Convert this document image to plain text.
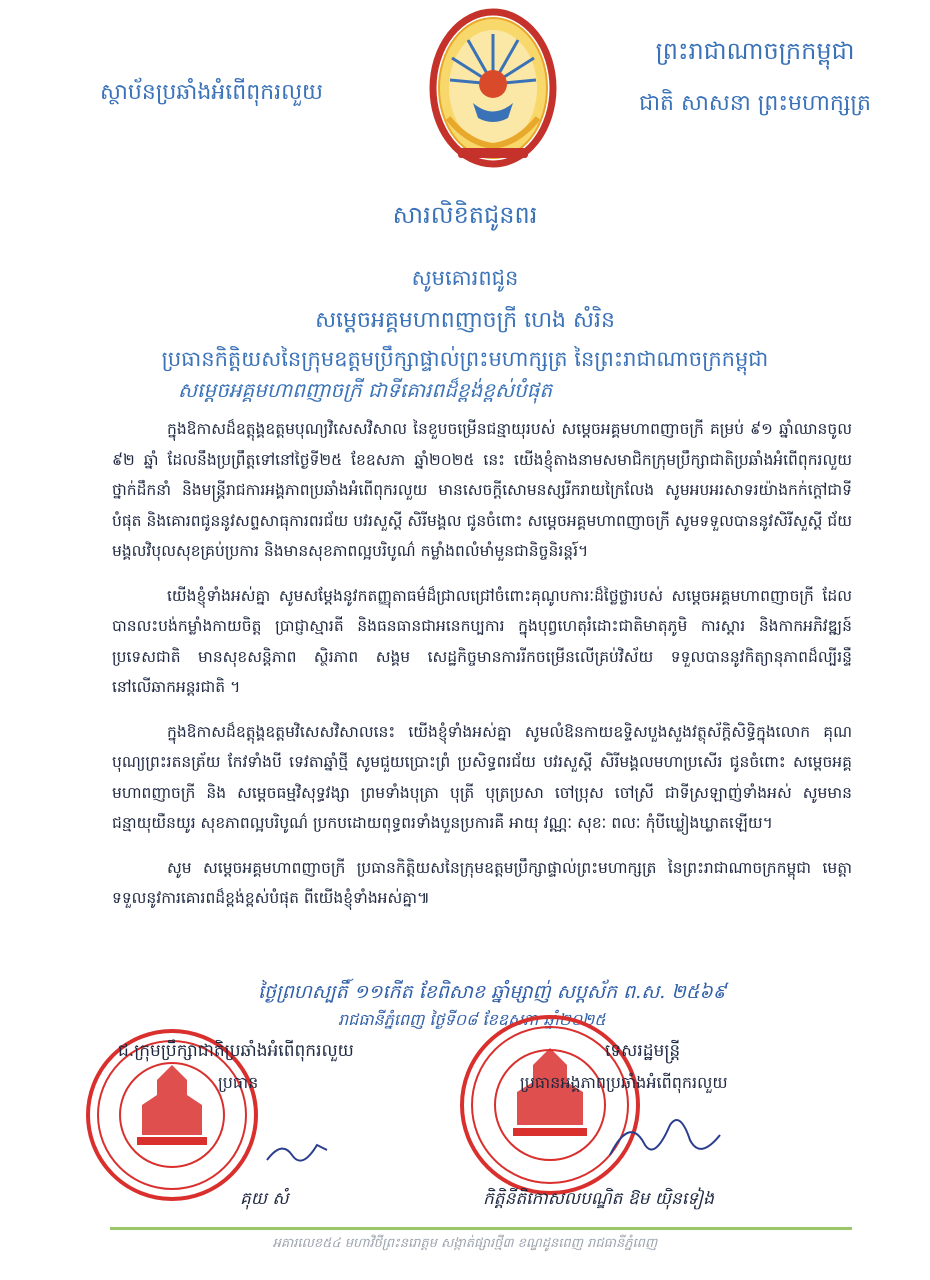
ស្ថាប័នប្រឆាំងអំពើពុករលួយ
ព្រះរាជាណាចក្រកម្ពុជា
ជាតិ សាសនា ព្រះមហាក្សត្រ
សារលិខិតជូនពរ
សូមគោរពជូន
សម្តេចអគ្គមហាពញាចក្រី ហេង សំរិន
ប្រធានកិត្តិយសនៃក្រុមឧត្តមប្រឹក្សាផ្ទាល់ព្រះមហាក្សត្រ នៃព្រះរាជាណាចក្រកម្ពុជា
សម្តេចអគ្គមហាពញាចក្រី ជាទីគោរពដ៏ខ្ពង់ខ្ពស់បំផុត

ក្នុងឱកាសដ៏ឧត្តុង្គឧត្តមបុណ្យវិសេសវិសាល នៃខួបចម្រើនជន្មាយុរបស់ សម្តេចអគ្គមហាពញាចក្រី គម្រប់ ៩១ ឆ្នាំឈានចូល ៩២ ឆ្នាំ ដែលនឹងប្រព្រឹត្តទៅនៅថ្ងៃទី២៥ ខែឧសភា ឆ្នាំ២០២៥ នេះ យើងខ្ញុំតាងនាមសមាជិកក្រុមប្រឹក្សាជាតិប្រឆាំងអំពើពុករលួយ ថ្នាក់ដឹកនាំ និងមន្ត្រីរាជការអង្គភាពប្រឆាំងអំពើពុករលួយ មានសេចក្តីសោមនស្សរីករាយក្រៃលែង សូមអបអរសាទរយ៉ាងកក់ក្តៅជាទីបំផុត និងគោរពជូននូវសព្ទសាធុការពរជ័យ បវរសួស្តី សិរីមង្គល ជូនចំពោះ សម្តេចអគ្គមហាពញាចក្រី សូមទទួលបាននូវសិរីសួស្តី ជ័យមង្គលវិបុលសុខគ្រប់ប្រការ និងមានសុខភាពល្អបរិបូណ៌ កម្លាំងពលំមាំមួនជានិច្ចនិរន្តរ៍។

យើងខ្ញុំទាំងអស់គ្នា សូមសម្តែងនូវកតញ្ញុតាធម៌ដ៏ជ្រាលជ្រៅចំពោះគុណូបការៈដ៏ថ្លៃថ្លារបស់ សម្តេចអគ្គមហាពញាចក្រី ដែលបានលះបង់កម្លាំងកាយចិត្ត ប្រាជ្ញាស្មារតី និងធនធានជាអនេកប្បការ ក្នុងបុព្វហេតុរំដោះជាតិមាតុភូមិ ការស្តារ និងកាកអភិវឌ្ឍន៍ប្រទេសជាតិ មានសុខសន្តិភាព ស្ថិរភាព សង្គម សេដ្ឋកិច្ចមានការរីកចម្រើនលើគ្រប់វិស័យ ទទួលបាននូវកិត្យានុភាពដ៏ល្បីរន្ទឺនៅលើឆាកអន្តរជាតិ ។

ក្នុងឱកាសដ៏ឧត្តុង្គឧត្តមវិសេសវិសាលនេះ យើងខ្ញុំទាំងអស់គ្នា សូមលំឱនកាយឧទ្ទិសបួងសួងវត្ថុស័ក្តិសិទ្ធិក្នុងលោក គុណបុណ្យព្រះរតនត្រ័យ កែវទាំងបី ទេវតាឆ្នាំថ្មី សូមជួយប្រោះព្រំ ប្រសិទ្ធពរជ័យ បវរសួស្តី សិរីមង្គលមហាប្រសើរ ជូនចំពោះ សម្តេចអគ្គមហាពញាចក្រី និង សម្តេចធម្មវិសុទ្ធវង្សា ព្រមទាំងបុត្រា បុត្រី បុត្រប្រសា ចៅប្រុស ចៅស្រី ជាទីស្រឡាញ់ទាំងអស់ សូមមានជន្មាយុយឺនយូរ សុខភាពល្អបរិបូណ៌ ប្រកបដោយពុទ្ធពរទាំងបួនប្រការគឺ អាយុ វណ្ណៈ សុខៈ ពលៈ កុំបីឃ្លៀងឃ្លាតឡើយ។

សូម សម្តេចអគ្គមហាពញាចក្រី ប្រធានកិត្តិយសនៃក្រុមឧត្តមប្រឹក្សាផ្ទាល់ព្រះមហាក្សត្រ នៃព្រះរាជាណាចក្រកម្ពុជា មេត្តាទទួលនូវការគោរពដ៏ខ្ពង់ខ្ពស់បំផុត ពីយើងខ្ញុំទាំងអស់គ្នា៕

ថ្ងៃព្រហស្បតិ៍ ១១កើត ខែពិសាខ ឆ្នាំម្សាញ់ សប្តស័ក ព.ស. ២៥៦៩
រាជធានីភ្នំពេញ ថ្ងៃទី០៨ ខែឧសភា ឆ្នាំ២០២៥
ជ.ក្រុមប្រឹក្សាជាតិប្រឆាំងអំពើពុករលួយ
ប្រធាន
គុយ សំ
ទេសរដ្ឋមន្ត្រី
ប្រធានអង្គភាពប្រឆាំងអំពើពុករលួយ
កិត្តិនីតិកោសលបណ្ឌិត ឱម យ៉ិនទៀង
អគារលេខ៥៤ មហាវិថីព្រះនរោត្តម សង្កាត់ផ្សារថ្មី៣ ខណ្ឌដូនពេញ រាជធានីភ្នំពេញ
